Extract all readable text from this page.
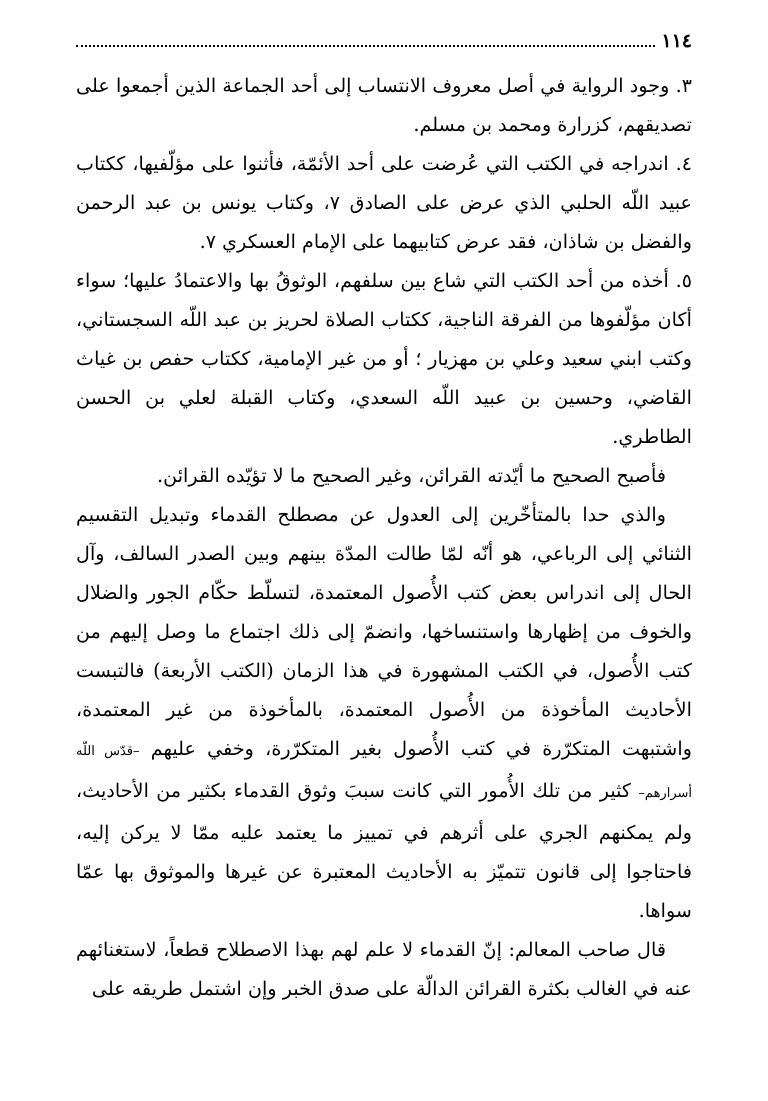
١١٤

٣. وجود الرواية في أصل معروف الانتساب إلى أحد الجماعة الذين أجمعوا على تصديقهم، كزرارة ومحمد بن مسلم.

٤. اندراجه في الكتب التي عُرضت على أحد الأئمّة، فأثنوا على مؤلّفيها، ككتاب عبيد اللّه الحلبي الذي عرض على الصادق ٧، وكتاب يونس بن عبد الرحمن والفضل بن شاذان، فقد عرض كتابيهما على الإمام العسكري ٧.

٥. أخذه من أحد الكتب التي شاع بين سلفهم، الوثوقُ بها والاعتمادُ عليها؛ سواء أكان مؤلّفوها من الفرقة الناجية، ككتاب الصلاة لحريز بن عبد اللّه السجستاني، وكتب ابني سعيد وعلي بن مهزيار ؛ أو من غير الإمامية، ككتاب حفص بن غياث القاضي، وحسين بن عبيد اللّه السعدي، وكتاب القبلة لعلي بن الحسن الطاطري.

فأصبح الصحيح ما أيّدته القرائن، وغير الصحيح ما لا تؤيّده القرائن.

والذي حدا بالمتأخّرين إلى العدول عن مصطلح القدماء وتبديل التقسيم الثنائي إلى الرباعي، هو أنّه لمّا طالت المدّة بينهم وبين الصدر السالف، وآل الحال إلى اندراس بعض كتب الأُصول المعتمدة، لتسلّط حكّام الجور والضلال والخوف من إظهارها واستنساخها، وانضمّ إلى ذلك اجتماع ما وصل إليهم من كتب الأُصول، في الكتب المشهورة في هذا الزمان (الكتب الأربعة) فالتبست الأحاديث المأخوذة من الأُصول المعتمدة، بالمأخوذة من غير المعتمدة، واشتبهت المتكرّرة في كتب الأُصول بغير المتكرّرة، وخفي عليهم –قدّس اللّه أسرارهم– كثير من تلك الأُمور التي كانت سببَ وثوق القدماء بكثير من الأحاديث، ولم يمكنهم الجري على أثرهم في تمييز ما يعتمد عليه ممّا لا يركن إليه، فاحتاجوا إلى قانون تتميّز به الأحاديث المعتبرة عن غيرها والموثوق بها عمّا سواها.

قال صاحب المعالم: إنّ القدماء لا علم لهم بهذا الاصطلاح قطعاً، لاستغنائهم عنه في الغالب بكثرة القرائن الدالّة على صدق الخبر وإن اشتمل طريقه على
